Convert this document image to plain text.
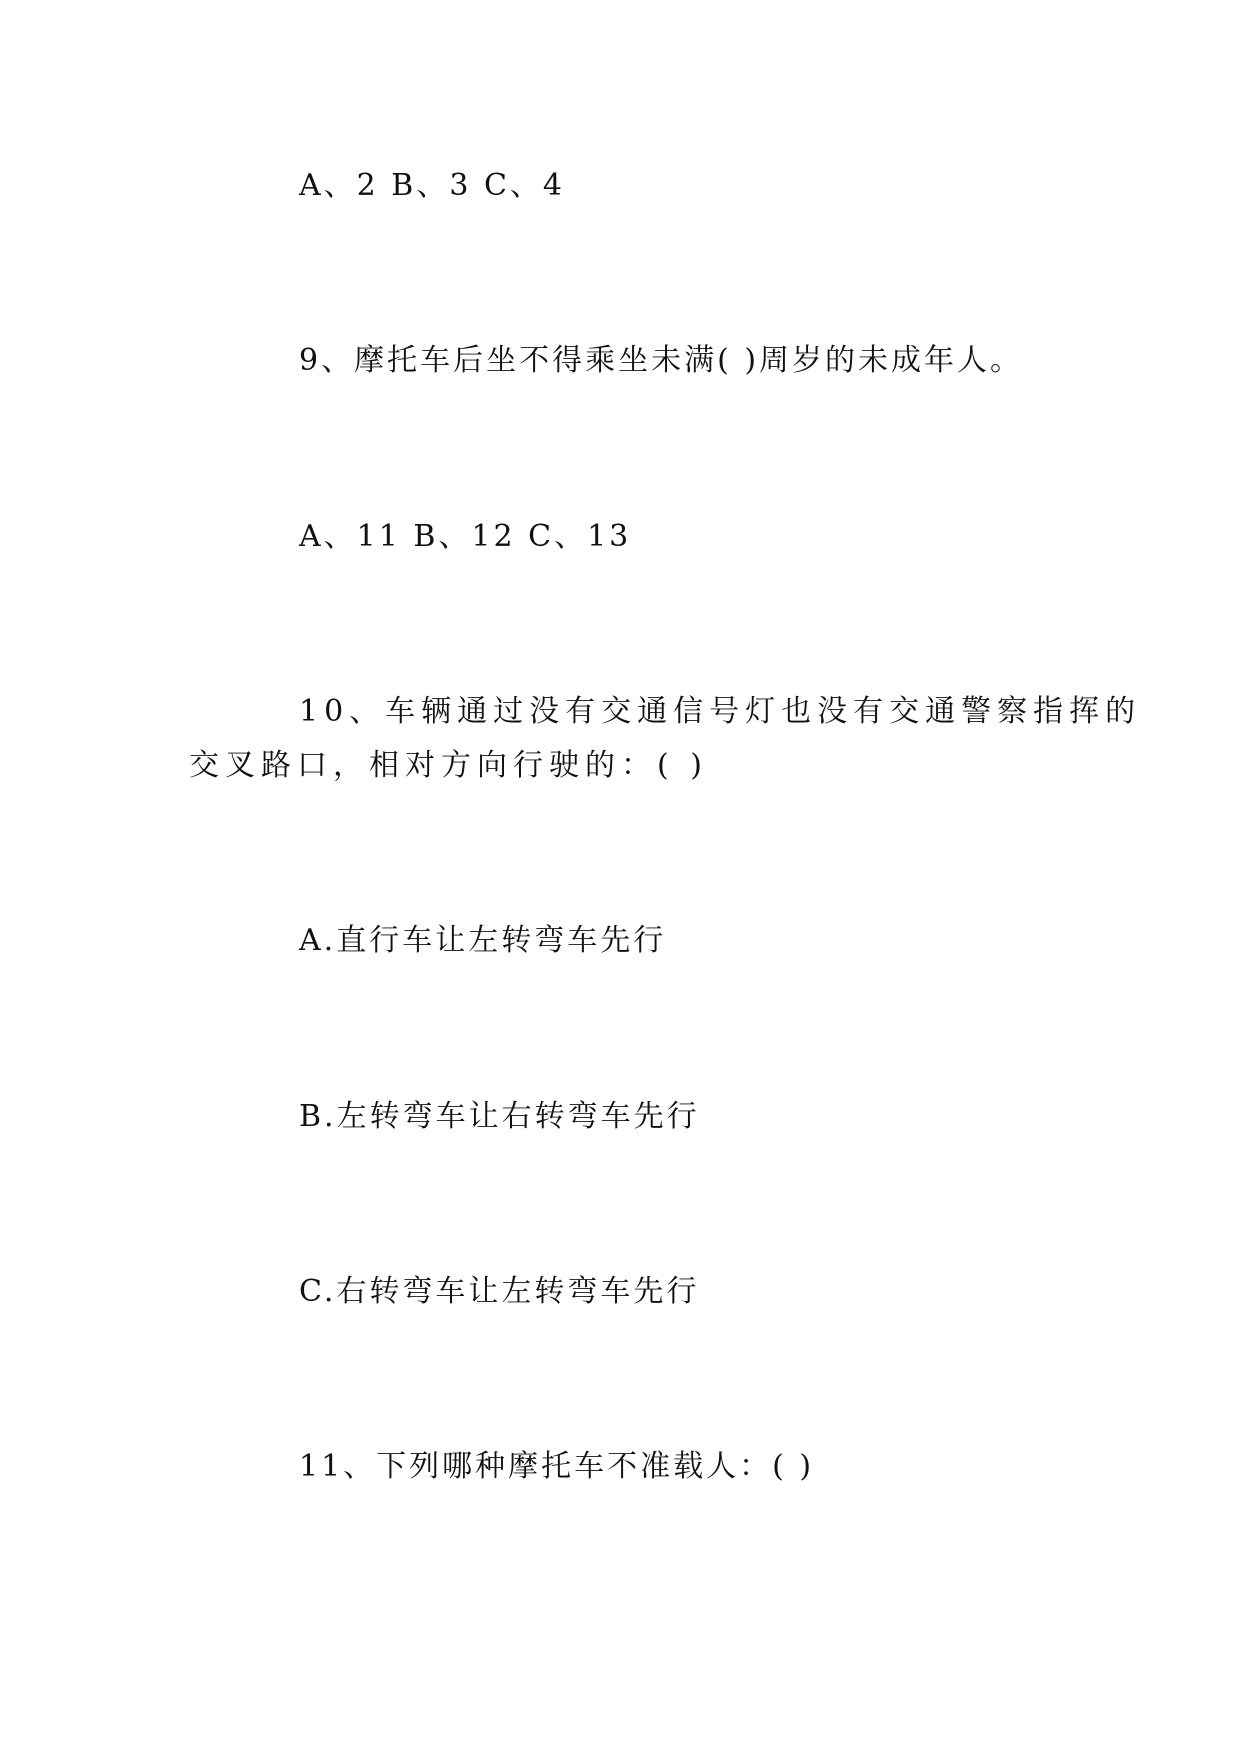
A、2 B、3 C、4
9、摩托车后坐不得乘坐未满( )周岁的未成年人。
A、11 B、12 C、13
10、车辆通过没有交通信号灯也没有交通警察指挥的
交叉路口，相对方向行驶的：( )
A.直行车让左转弯车先行
B.左转弯车让右转弯车先行
C.右转弯车让左转弯车先行
11、下列哪种摩托车不准载人：( )
